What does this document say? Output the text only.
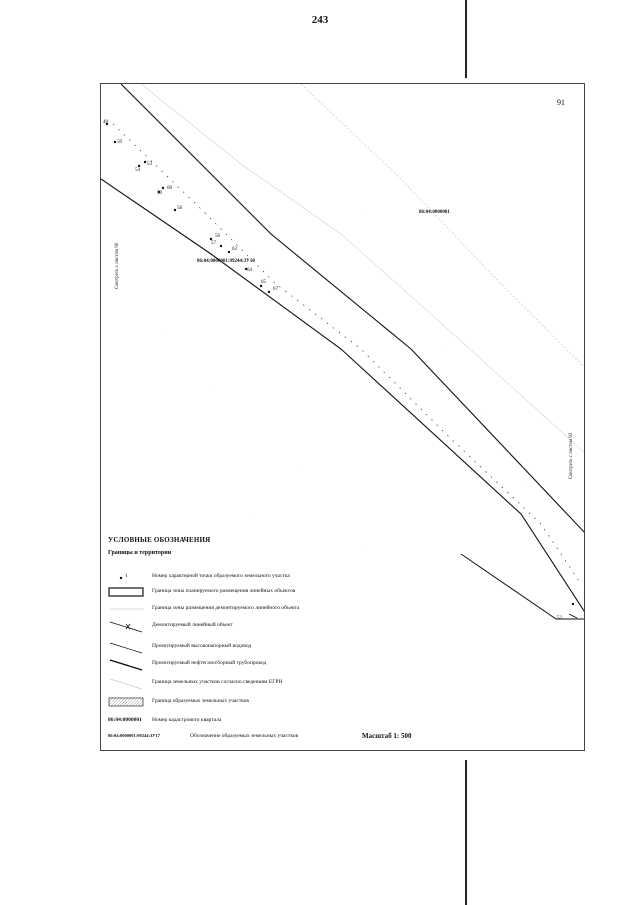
243
91
86:04:0000001
86:04:0000001:99244:3У10
Смотреть с листом 90
Смотреть с листом 92
48
50
54
53
59
60
58
56
57
62
64
65
67
52
УСЛОВНЫЕ ОБОЗНАЧЕНИЯ
Границы и территории
1	Номер характерной точки образуемого земельного участка
Граница зоны планируемого размещения линейных объектов
Граница зоны размещения демонтируемого линейного объекта
Демонтируемый линейный объект
Проектируемый высоконапорный водовод
Проектируемый нефтегазосборный трубопровод
Граница земельных участков согласно сведениям ЕГРН
Граница образуемых земельных участков
86:04:0000001 Номер кадастрового квартала
86:04:0000001:99244:ЗУ17	Обозначение образуемых земельных участков	Масштаб 1: 500
